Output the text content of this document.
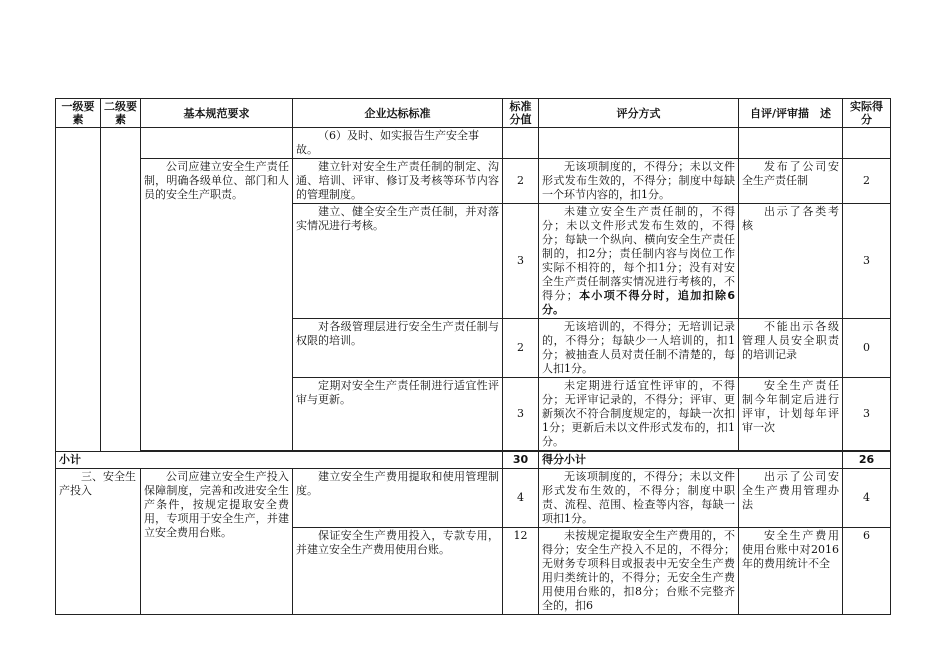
一级要素	二级要素	基本规范要求	企业达标标准	标准分值	评分方式	自评/评审描　述	实际得分
			（6）及时、如实报告生产安全事故。				
		公司应建立安全生产责任制，明确各级单位、部门和人员的安全生产职责。	建立针对安全生产责任制的制定、沟通、培训、评审、修订及考核等环节内容的管理制度。	2	无该项制度的，不得分；未以文件形式发布生效的，不得分；制度中每缺一个环节内容的，扣1分。	发布了公司安全生产责任制	2
			建立、健全安全生产责任制，并对落实情况进行考核。	3	未建立安全生产责任制的，不得分；未以文件形式发布生效的，不得分；每缺一个纵向、横向安全生产责任制的，扣2分；责任制内容与岗位工作实际不相符的，每个扣1分；没有对安全生产责任制落实情况进行考核的，不得分；本小项不得分时，追加扣除6分。	出示了各类考核	3
			对各级管理层进行安全生产责任制与权限的培训。	2	无该培训的，不得分；无培训记录的，不得分；每缺少一人培训的，扣1分；被抽查人员对责任制不清楚的，每人扣1分。	不能出示各级管理人员安全职责的培训记录	0
			定期对安全生产责任制进行适宜性评审与更新。	3	未定期进行适宜性评审的，不得分；无评审记录的，不得分；评审、更新频次不符合制度规定的，每缺一次扣1分；更新后未以文件形式发布的，扣1分。	安全生产责任制今年制定后进行评审，计划每年评审一次	3

小计				30	得分小计		26
三、安全生产投入		公司应建立安全生产投入保障制度，完善和改进安全生产条件，按规定提取安全费用，专项用于安全生产，并建立安全费用台账。	建立安全生产费用提取和使用管理制度。	4	无该项制度的，不得分；未以文件形式发布生效的，不得分；制度中职责、流程、范围、检查等内容，每缺一项扣1分。	出示了公司安全生产费用管理办法	4
			保证安全生产费用投入，专款专用，并建立安全生产费用使用台账。	12	未按规定提取安全生产费用的，不得分；安全生产投入不足的，不得分；无财务专项科目或报表中无安全生产费用归类统计的，不得分；无安全生产费用使用台账的，扣8分；台账不完整齐全的，扣6	安全生产费用使用台账中对2016年的费用统计不全	6
